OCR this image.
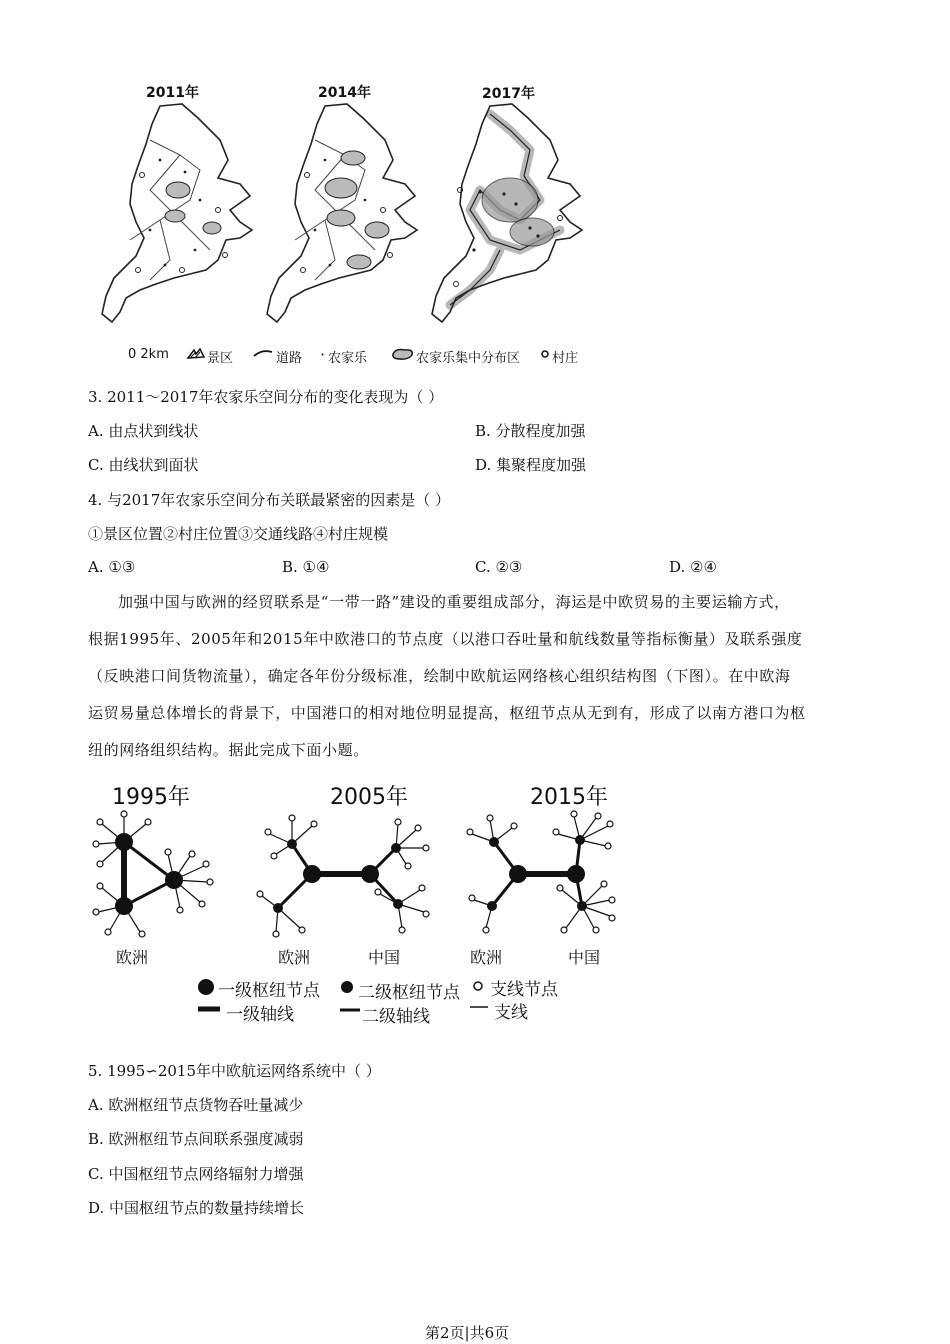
2011年	2014年	2017年
0 2km	景区	道路 · 农家乐	农家乐集中分布区 村庄
3. 2011～2017年农家乐空间分布的变化表现为（ ）
A. 由点状到线状	B. 分散程度加强
C. 由线状到面状	D. 集聚程度加强
4. 与2017年农家乐空间分布关联最紧密的因素是（ ）
①景区位置②村庄位置③交通线路④村庄规模
A. ①③	B. ①④	C. ②③	D. ②④
加强中国与欧洲的经贸联系是“一带一路”建设的重要组成部分，海运是中欧贸易的主要运输方式，
根据1995年、2005年和2015年中欧港口的节点度（以港口吞吐量和航线数量等指标衡量）及联系强度
（反映港口间货物流量），确定各年份分级标准，绘制中欧航运网络核心组织结构图（下图）。在中欧海
运贸易量总体增长的背景下，中国港口的相对地位明显提高，枢纽节点从无到有，形成了以南方港口为枢
纽的网络组织结构。据此完成下面小题。
1995年	2005年	2015年
欧洲	欧洲	中国	欧洲	中国
一级枢纽节点 二级枢纽节点 支线节点
一级轴线	二级轴线	支线
5. 1995∽2015年中欧航运网络系统中（ ）
A. 欧洲枢纽节点货物吞吐量减少
B. 欧洲枢纽节点间联系强度减弱
C. 中国枢纽节点网络辐射力增强
D. 中国枢纽节点的数量持续增长
第2页|共6页
